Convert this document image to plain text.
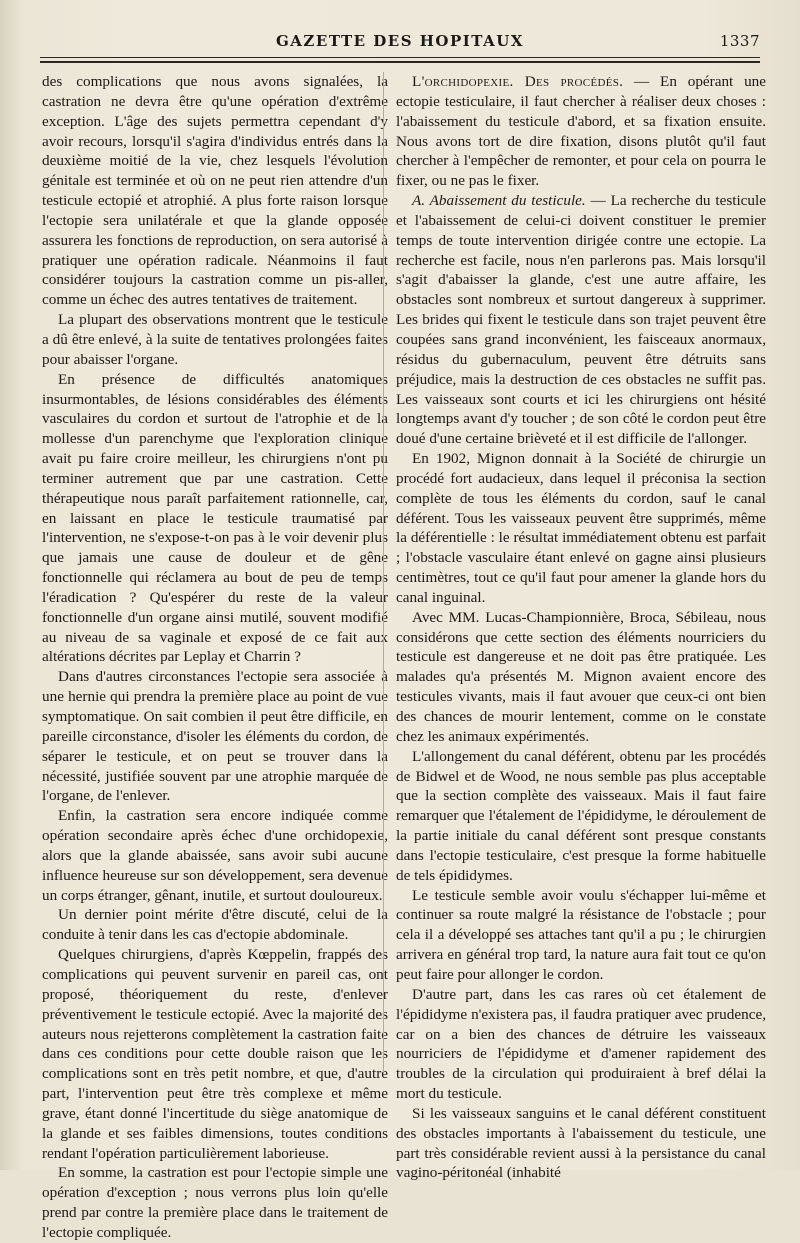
GAZETTE DES HOPITAUX	1337

des complications que nous avons signalées, la castration ne devra être qu'une opération d'extrême exception. L'âge des sujets permettra cependant d'y avoir recours, lorsqu'il s'agira d'individus entrés dans la deuxième moitié de la vie, chez lesquels l'évolution génitale est terminée et où on ne peut rien attendre d'un testicule ectopié et atrophié. A plus forte raison lorsque l'ectopie sera unilatérale et que la glande opposée assurera les fonctions de reproduction, on sera autorisé à pratiquer une opération radicale. Néanmoins il faut considérer toujours la castration comme un pis-aller, comme un échec des autres tentatives de traitement.

La plupart des observations montrent que le testicule a dû être enlevé, à la suite de tentatives prolongées faites pour abaisser l'organe.

En présence de difficultés anatomiques insurmontables, de lésions considérables des éléments vasculaires du cordon et surtout de l'atrophie et de la mollesse d'un parenchyme que l'exploration clinique avait pu faire croire meilleur, les chirurgiens n'ont pu terminer autrement que par une castration. Cette thérapeutique nous paraît parfaitement rationnelle, car, en laissant en place le testicule traumatisé par l'intervention, ne s'expose-t-on pas à le voir devenir plus que jamais une cause de douleur et de gêne fonctionnelle qui réclamera au bout de peu de temps l'éradication ? Qu'espérer du reste de la valeur fonctionnelle d'un organe ainsi mutilé, souvent modifié au niveau de sa vaginale et exposé de ce fait aux altérations décrites par Leplay et Charrin ?

Dans d'autres circonstances l'ectopie sera associée à une hernie qui prendra la première place au point de vue symptomatique. On sait combien il peut être difficile, en pareille circonstance, d'isoler les éléments du cordon, de séparer le testicule, et on peut se trouver dans la nécessité, justifiée souvent par une atrophie marquée de l'organe, de l'enlever.

Enfin, la castration sera encore indiquée comme opération secondaire après échec d'une orchidopexie, alors que la glande abaissée, sans avoir subi aucune influence heureuse sur son développement, sera devenue un corps étranger, gênant, inutile, et surtout douloureux.

Un dernier point mérite d'être discuté, celui de la conduite à tenir dans les cas d'ectopie abdominale.

Quelques chirurgiens, d'après Kœppelin, frappés des complications qui peuvent survenir en pareil cas, ont proposé, théoriquement du reste, d'enlever préventivement le testicule ectopié. Avec la majorité des auteurs nous rejetterons complètement la castration faite dans ces conditions pour cette double raison que les complications sont en très petit nombre, et que, d'autre part, l'intervention peut être très complexe et même grave, étant donné l'incertitude du siège anatomique de la glande et ses faibles dimensions, toutes conditions rendant l'opération particulièrement laborieuse.

En somme, la castration est pour l'ectopie simple une opération d'exception ; nous verrons plus loin qu'elle prend par contre la première place dans le traitement de l'ectopie compliquée.

L'orchidopexie. Des procédés. — En opérant une ectopie testiculaire, il faut chercher à réaliser deux choses : l'abaissement du testicule d'abord, et sa fixation ensuite. Nous avons tort de dire fixation, disons plutôt qu'il faut chercher à l'empêcher de remonter, et pour cela on pourra le fixer, ou ne pas le fixer.

A. Abaissement du testicule. — La recherche du testicule et l'abaissement de celui-ci doivent constituer le premier temps de toute intervention dirigée contre une ectopie. La recherche est facile, nous n'en parlerons pas. Mais lorsqu'il s'agit d'abaisser la glande, c'est une autre affaire, les obstacles sont nombreux et surtout dangereux à supprimer. Les brides qui fixent le testicule dans son trajet peuvent être coupées sans grand inconvénient, les faisceaux anormaux, résidus du gubernaculum, peuvent être détruits sans préjudice, mais la destruction de ces obstacles ne suffit pas. Les vaisseaux sont courts et ici les chirurgiens ont hésité longtemps avant d'y toucher ; de son côté le cordon peut être doué d'une certaine brièveté et il est difficile de l'allonger.

En 1902, Mignon donnait à la Société de chirurgie un procédé fort audacieux, dans lequel il préconisa la section complète de tous les éléments du cordon, sauf le canal déférent. Tous les vaisseaux peuvent être supprimés, même la déférentielle : le résultat immédiatement obtenu est parfait ; l'obstacle vasculaire étant enlevé on gagne ainsi plusieurs centimètres, tout ce qu'il faut pour amener la glande hors du canal inguinal.

Avec MM. Lucas-Championnière, Broca, Sébileau, nous considérons que cette section des éléments nourriciers du testicule est dangereuse et ne doit pas être pratiquée. Les malades qu'a présentés M. Mignon avaient encore des testicules vivants, mais il faut avouer que ceux-ci ont bien des chances de mourir lentement, comme on le constate chez les animaux expérimentés.

L'allongement du canal déférent, obtenu par les procédés de Bidwel et de Wood, ne nous semble pas plus acceptable que la section complète des vaisseaux. Mais il faut faire remarquer que l'étalement de l'épididyme, le déroulement de la partie initiale du canal déférent sont presque constants dans l'ectopie testiculaire, c'est presque la forme habituelle de tels épididymes.

Le testicule semble avoir voulu s'échapper lui-même et continuer sa route malgré la résistance de l'obstacle ; pour cela il a développé ses attaches tant qu'il a pu ; le chirurgien arrivera en général trop tard, la nature aura fait tout ce qu'on peut faire pour allonger le cordon.

D'autre part, dans les cas rares où cet étalement de l'épididyme n'existera pas, il faudra pratiquer avec prudence, car on a bien des chances de détruire les vaisseaux nourriciers de l'épididyme et d'amener rapidement des troubles de la circulation qui produiraient à bref délai la mort du testicule.

Si les vaisseaux sanguins et le canal déférent constituent des obstacles importants à l'abaissement du testicule, une part très considérable revient aussi à la persistance du canal vagino-péritonéal (inhabité
